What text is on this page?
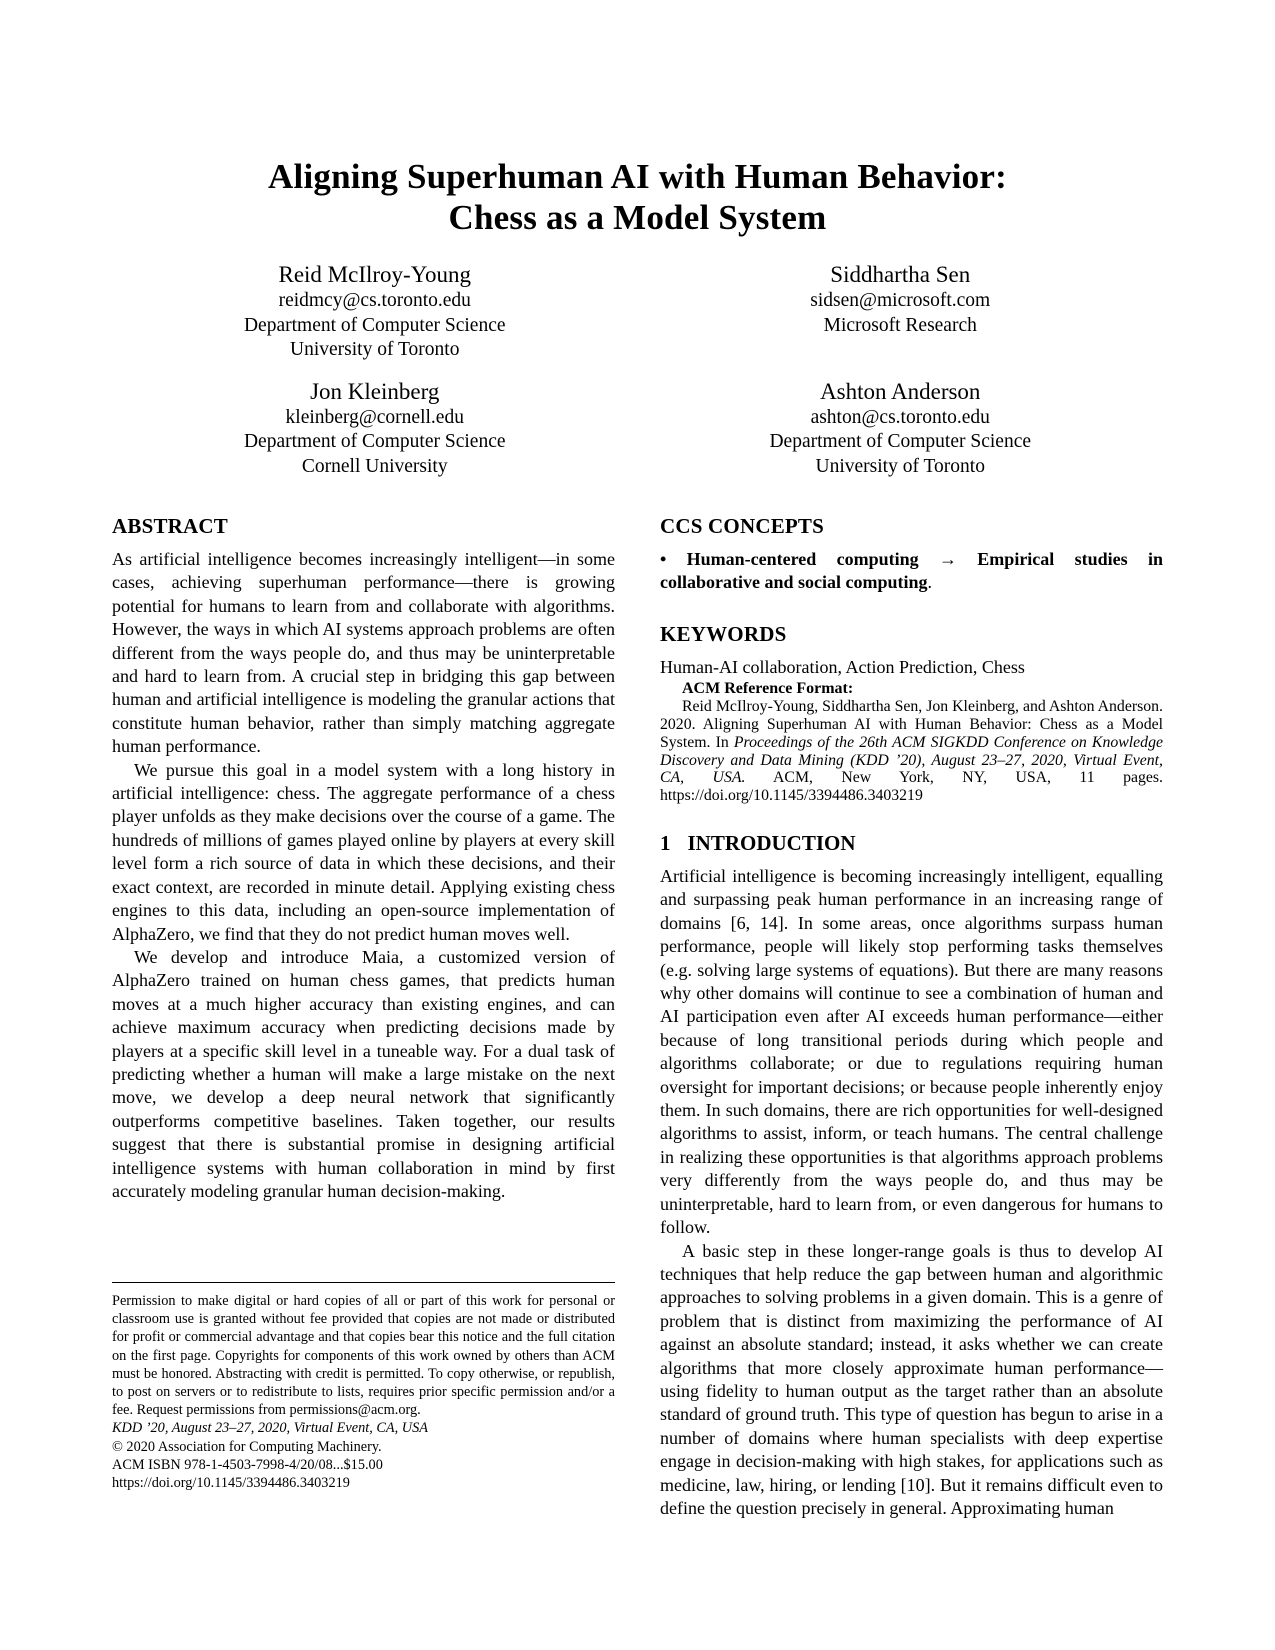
Aligning Superhuman AI with Human Behavior:
Chess as a Model System

Reid McIlroy-Young

reidmcy@cs.toronto.edu

Department of Computer Science

University of Toronto

Siddhartha Sen

sidsen@microsoft.com

Microsoft Research

Jon Kleinberg

kleinberg@cornell.edu

Department of Computer Science

Cornell University

Ashton Anderson

ashton@cs.toronto.edu

Department of Computer Science

University of Toronto

ABSTRACT

As artificial intelligence becomes increasingly intelligent—in some cases, achieving superhuman performance—there is growing potential for humans to learn from and collaborate with algorithms. However, the ways in which AI systems approach problems are often different from the ways people do, and thus may be uninterpretable and hard to learn from. A crucial step in bridging this gap between human and artificial intelligence is modeling the granular actions that constitute human behavior, rather than simply matching aggregate human performance.

We pursue this goal in a model system with a long history in artificial intelligence: chess. The aggregate performance of a chess player unfolds as they make decisions over the course of a game. The hundreds of millions of games played online by players at every skill level form a rich source of data in which these decisions, and their exact context, are recorded in minute detail. Applying existing chess engines to this data, including an open-source implementation of AlphaZero, we find that they do not predict human moves well.

We develop and introduce Maia, a customized version of AlphaZero trained on human chess games, that predicts human moves at a much higher accuracy than existing engines, and can achieve maximum accuracy when predicting decisions made by players at a specific skill level in a tuneable way. For a dual task of predicting whether a human will make a large mistake on the next move, we develop a deep neural network that significantly outperforms competitive baselines. Taken together, our results suggest that there is substantial promise in designing artificial intelligence systems with human collaboration in mind by first accurately modeling granular human decision-making.

CCS CONCEPTS

• Human-centered computing → Empirical studies in collaborative and social computing.

KEYWORDS

Human-AI collaboration, Action Prediction, Chess

ACM Reference Format:

Reid McIlroy-Young, Siddhartha Sen, Jon Kleinberg, and Ashton Anderson. 2020. Aligning Superhuman AI with Human Behavior: Chess as a Model System. In Proceedings of the 26th ACM SIGKDD Conference on Knowledge Discovery and Data Mining (KDD ’20), August 23–27, 2020, Virtual Event, CA, USA. ACM, New York, NY, USA, 11 pages. https://doi.org/10.1145/3394486.3403219

1 INTRODUCTION

Artificial intelligence is becoming increasingly intelligent, equalling and surpassing peak human performance in an increasing range of domains [6, 14]. In some areas, once algorithms surpass human performance, people will likely stop performing tasks themselves (e.g. solving large systems of equations). But there are many reasons why other domains will continue to see a combination of human and AI participation even after AI exceeds human performance—either because of long transitional periods during which people and algorithms collaborate; or due to regulations requiring human oversight for important decisions; or because people inherently enjoy them. In such domains, there are rich opportunities for well-designed algorithms to assist, inform, or teach humans. The central challenge in realizing these opportunities is that algorithms approach problems very differently from the ways people do, and thus may be uninterpretable, hard to learn from, or even dangerous for humans to follow.

A basic step in these longer-range goals is thus to develop AI techniques that help reduce the gap between human and algorithmic approaches to solving problems in a given domain. This is a genre of problem that is distinct from maximizing the performance of AI against an absolute standard; instead, it asks whether we can create algorithms that more closely approximate human performance—using fidelity to human output as the target rather than an absolute standard of ground truth. This type of question has begun to arise in a number of domains where human specialists with deep expertise engage in decision-making with high stakes, for applications such as medicine, law, hiring, or lending [10]. But it remains difficult even to define the question precisely in general. Approximating human

Permission to make digital or hard copies of all or part of this work for personal or classroom use is granted without fee provided that copies are not made or distributed for profit or commercial advantage and that copies bear this notice and the full citation on the first page. Copyrights for components of this work owned by others than ACM must be honored. Abstracting with credit is permitted. To copy otherwise, or republish, to post on servers or to redistribute to lists, requires prior specific permission and/or a fee. Request permissions from permissions@acm.org.

KDD ’20, August 23–27, 2020, Virtual Event, CA, USA

© 2020 Association for Computing Machinery.

ACM ISBN 978-1-4503-7998-4/20/08...$15.00

https://doi.org/10.1145/3394486.3403219
